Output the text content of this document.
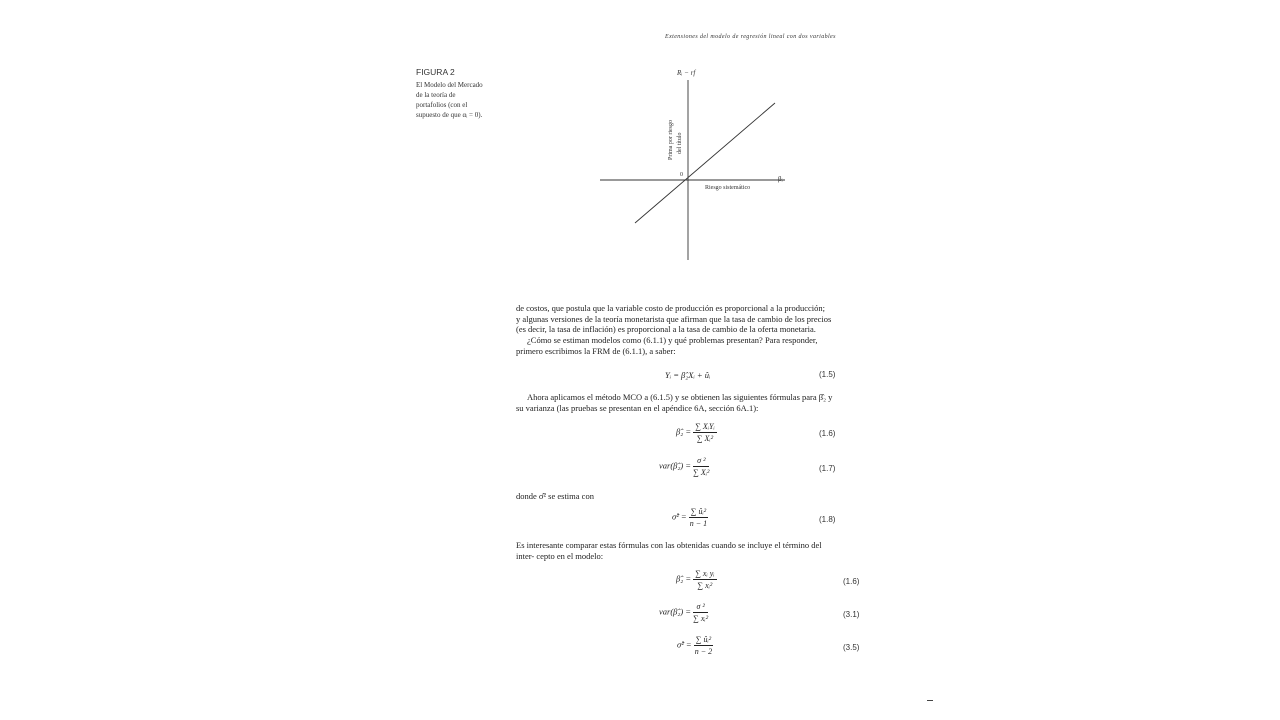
Extensiones del modelo de regresión lineal con dos variables
FIGURA 2
El Modelo del Mercado
de la teoría de
portafolios (con el
supuesto de que αᵢ = 0).
Rᵢ − rf
0	βᵢ
Riesgo sistemático
Prima por riesgo del título
de costos, que postula que la variable costo de producción es proporcional a la producción;
y algunas versiones de la teoría monetarista que afirman que la tasa de cambio de los precios
(es decir, la tasa de inflación) es proporcional a la tasa de cambio de la oferta monetaria.
¿Cómo se estiman modelos como (6.1.1) y qué problemas presentan? Para responder,
primero escribimos la FRM de (6.1.1), a saber:
Yᵢ = β̂₂Xᵢ + ûᵢ	(1.5)
Ahora aplicamos el método MCO a (6.1.5) y se obtienen las siguientes fórmulas para β̂₂ y
su varianza (las pruebas se presentan en el apéndice 6A, sección 6A.1):
β̂₂ = $\frac{\text{∑ XᵢYᵢ}}{\text{∑ Xᵢ²}}$	(1.6)
var(β̂₂) = $\frac{\text{σ ²}}{\text{∑ Xᵢ²}}$	(1.7)
donde σ̂² se estima con
σ̂² = $\frac{\text{∑ ûᵢ²}}{n - 1}$	(1.8)
Es interesante comparar estas fórmulas con las obtenidas cuando se incluye el término del
inter- cepto en el modelo:
β̂₂ = $\frac{\text{∑ xᵢ yᵢ}}{\text{∑ xᵢ²}}$	(1.6)
var(β̂₂) = $\frac{\text{σ ²}}{\text{∑ xᵢ²}}$	(3.1)
σ̂² = $\frac{\text{∑ ûᵢ²}}{n - 2}$	(3.5)
